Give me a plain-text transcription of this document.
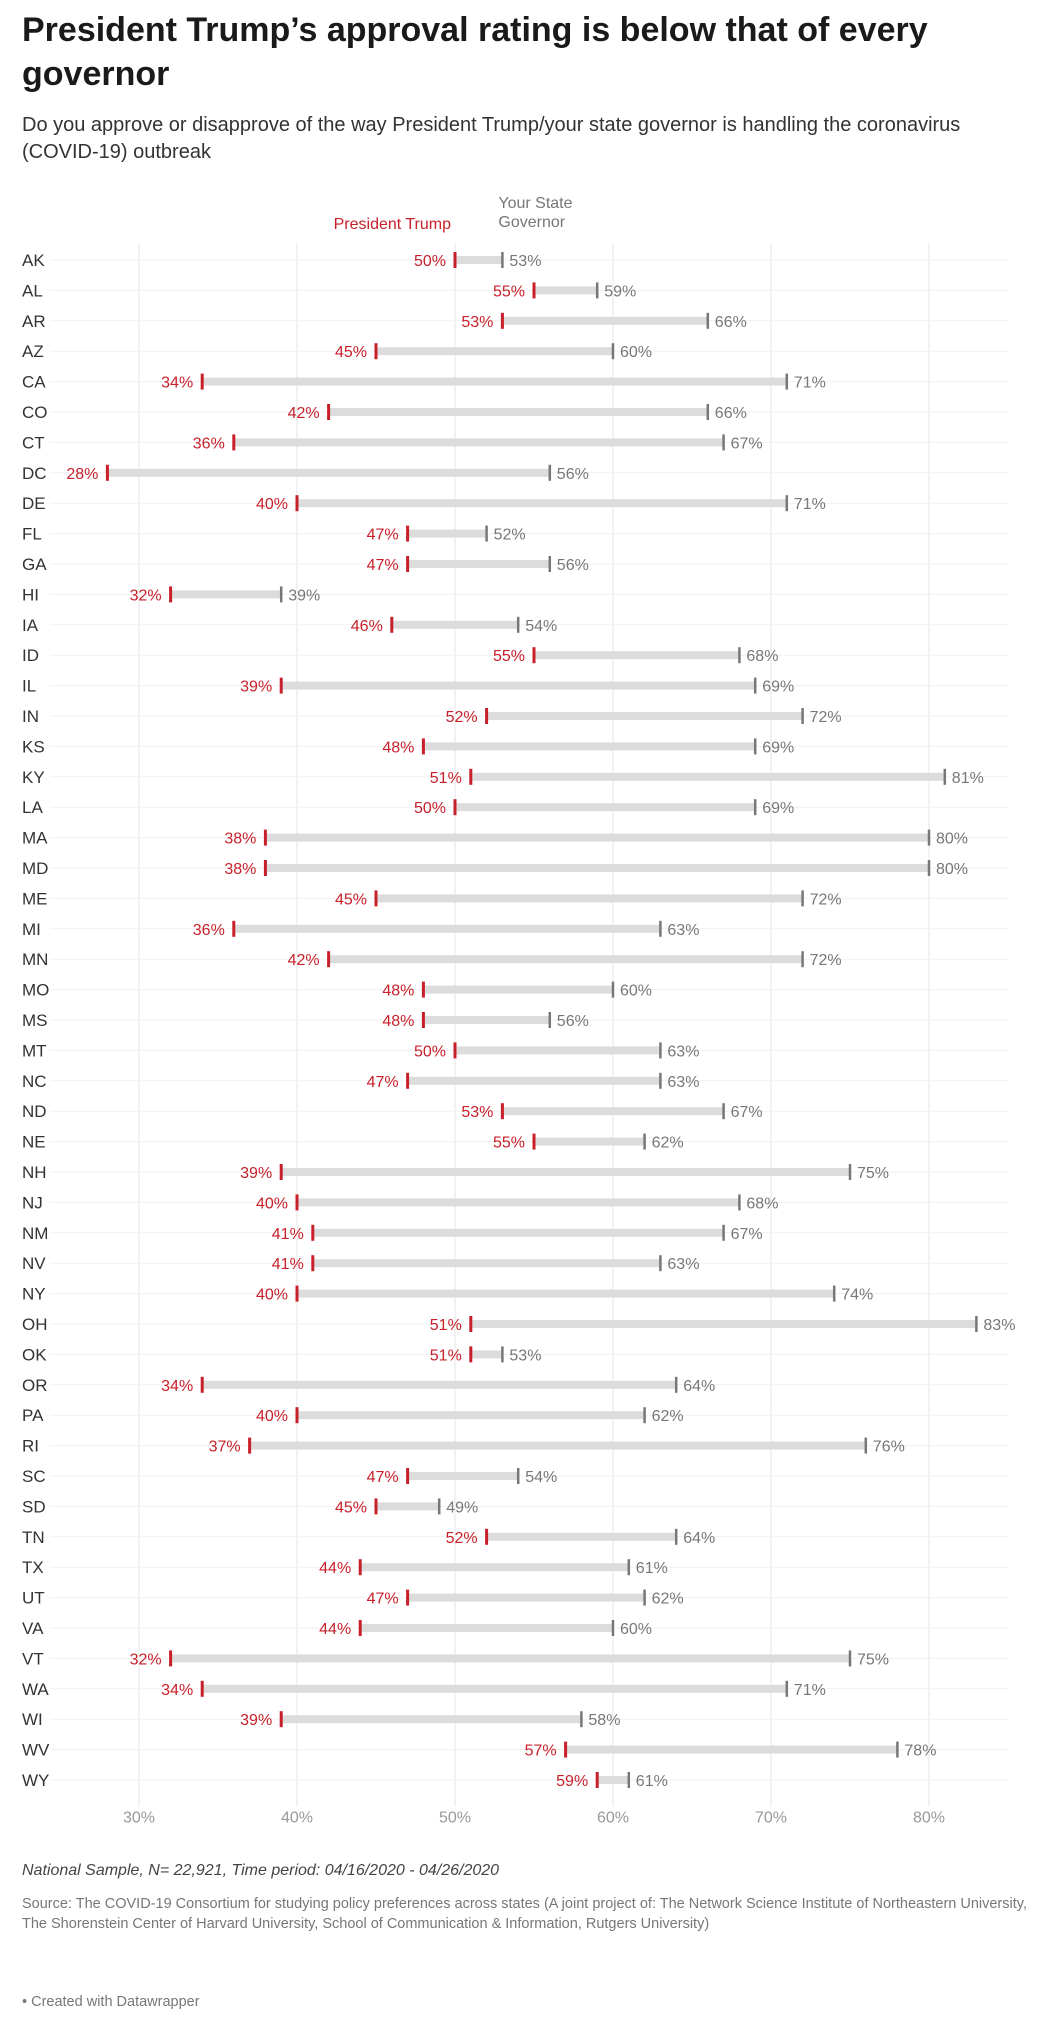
President Trump’s approval rating is below that of every governor
Do you approve or disapprove of the way President Trump/your state governor is handling the coronavirus (COVID-19) outbreak
President Trump
Your State Governor
AK	50%	53%
AL	55%	59%
AR	53%	66%
AZ	45%	60%
CA	34%	71%
CO	42%	66%
CT	36%	67%
DC 28%	56%
DE	40%	71%
FL	47%	52%
GA	47%	56%
HI	32%	39%
IA	46%	54%
ID	55%	68%
IL	39%	69%
IN	52%	72%
KS	48%	69%
KY	51%	81%
LA	50%	69%
MA	38%	80%
MD	38%	80%
ME	45%	72%
MI	36%	63%
MN	42%	72%
MO	48%	60%
MS	48%	56%
MT	50%	63%
NC	47%	63%
ND	53%	67%
NE	55%	62%
NH	39%	75%
NJ	40%	68%
NM	41%	67%
NV	41%	63%
NY	40%	74%
OH	51%	83%
OK	51%	53%
OR	34%	64%
PA	40%	62%
RI	37%	76%
SC	47%	54%
SD	45%	49%
TN	52%	64%
TX	44%	61%
UT	47%	62%
VA	44%	60%
VT	32%	75%
WA	34%	71%
WI	39%	58%
WV	57%	78%
WY	59%	61%
30%	40%	50%	60%	70%	80%
National Sample, N= 22,921, Time period: 04/16/2020 - 04/26/2020
Source: The COVID-19 Consortium for studying policy preferences across states (A joint project of: The Network Science Institute of Northeastern University, The Shorenstein Center of Harvard University, School of Communication & Information, Rutgers University)
• Created with Datawrapper
